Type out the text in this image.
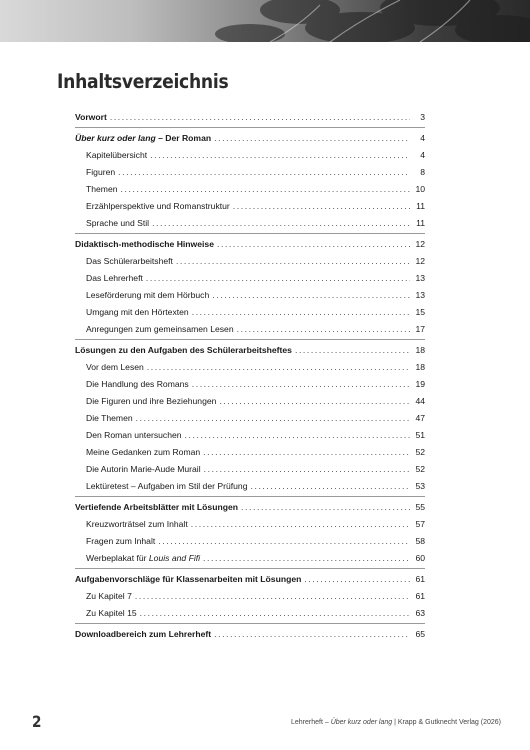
Inhaltsverzeichnis
Vorwort .....	3
Über kurz oder lang – Der Roman .....	4
Kapitelübersicht .....	4
Figuren .....	8
Themen .....	10
Erzählperspektive und Romanstruktur .....	11
Sprache und Stil .....	11
Didaktisch-methodische Hinweise .....	12
Das Schülerarbeitsheft .....	12
Das Lehrerheft .....	13
Leseförderung mit dem Hörbuch .....	13
Umgang mit den Hörtexten .....	15
Anregungen zum gemeinsamen Lesen .....	17
Lösungen zu den Aufgaben des Schülerarbeitsheftes .....	18
Vor dem Lesen .....	18
Die Handlung des Romans .....	19
Die Figuren und ihre Beziehungen .....	44
Die Themen .....	47
Den Roman untersuchen .....	51
Meine Gedanken zum Roman .....	52
Die Autorin Marie-Aude Murail .....	52
Lektüretest – Aufgaben im Stil der Prüfung .....	53
Vertiefende Arbeitsblätter mit Lösungen .....	55
Kreuzworträtsel zum Inhalt .....	57
Fragen zum Inhalt .....	58
Werbeplakat für Louis and Fifi .....	60
Aufgabenvorschläge für Klassenarbeiten mit Lösungen .....	61
Zu Kapitel 7 .....	61
Zu Kapitel 15 .....	63
Downloadbereich zum Lehrerheft .....	65
2	Lehrerheft – Über kurz oder lang | Krapp & Gutknecht Verlag (2026)
